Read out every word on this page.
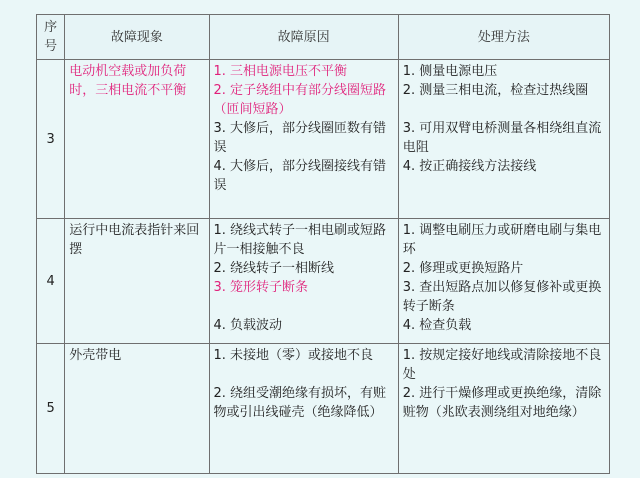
序
号	故障现象	故障原因	处理方法
3	电动机空载或加负荷时，三相电流不平衡	1. 三相电源电压不平衡
2. 定子绕组中有部分线圈短路（匝间短路）
3. 大修后，部分线圈匝数有错误
4. 大修后，部分线圈接线有错误	1. 侧量电源电压
2. 测量三相电流，检查过热线圈
3. 可用双臂电桥测量各相绕组直流电阻
4. 按正确接线方法接线

4	运行中电流表指针来回摆	1. 绕线式转子一相电刷或短路片一相接触不良
2. 绕线转子一相断线
3. 笼形转子断条
4. 负载波动	1. 调整电刷压力或研磨电刷与集电环
2. 修理或更换短路片
3. 查出短路点加以修复修补或更换转子断条
4. 检查负载

5	外壳带电	1. 未接地（零）或接地不良
2. 绕组受潮绝缘有损坏，有赃物或引出线碰壳（绝缘降低）	1. 按规定接好地线或清除接地不良处
2. 进行干燥修理或更换绝缘，清除赃物（兆欧表测绕组对地绝缘）
